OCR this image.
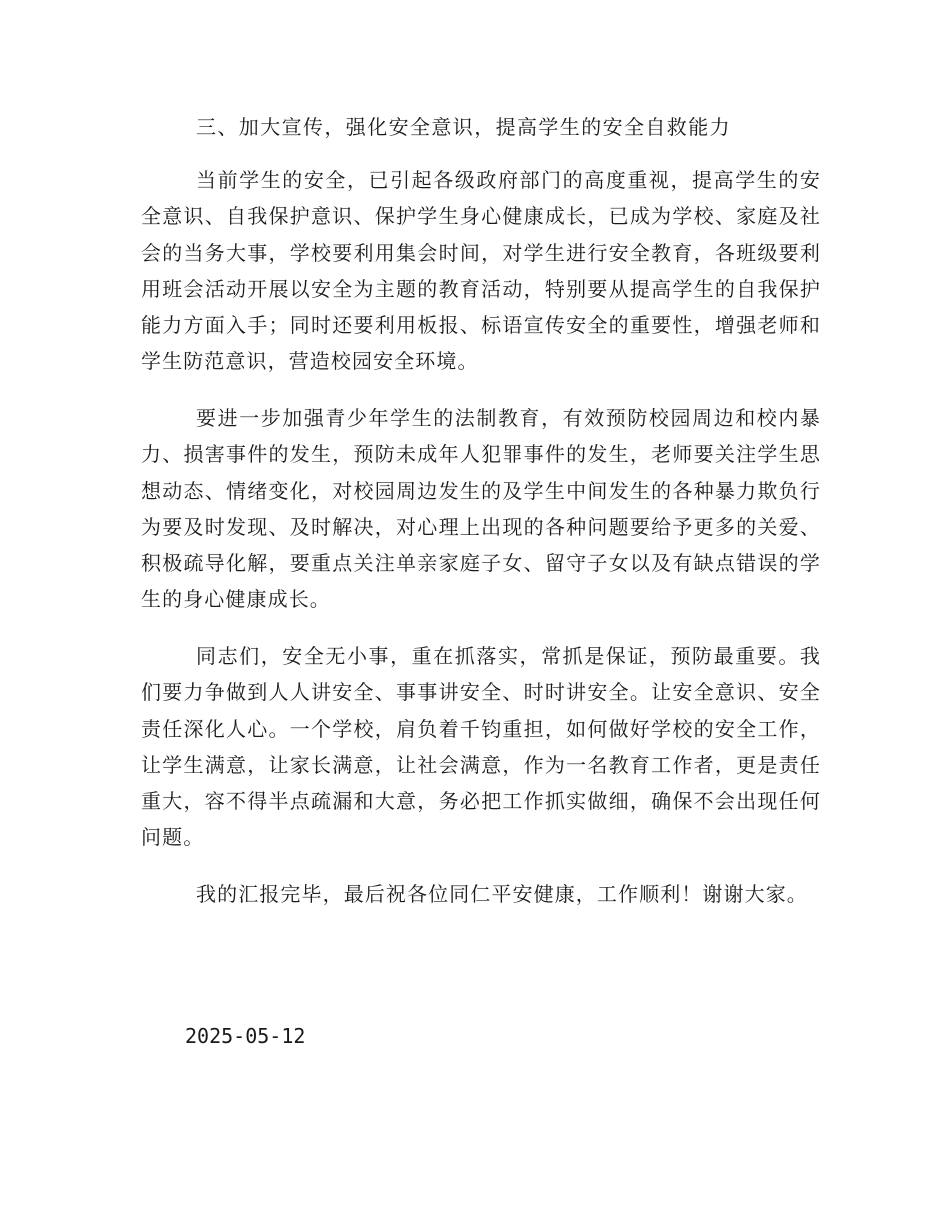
三、加大宣传，强化安全意识，提高学生的安全自救能力

当前学生的安全，已引起各级政府部门的高度重视，提高学生的安全意识、自我保护意识、保护学生身心健康成长，已成为学校、家庭及社会的当务大事，学校要利用集会时间，对学生进行安全教育，各班级要利用班会活动开展以安全为主题的教育活动，特别要从提高学生的自我保护能力方面入手；同时还要利用板报、标语宣传安全的重要性，增强老师和学生防范意识，营造校园安全环境。

要进一步加强青少年学生的法制教育，有效预防校园周边和校内暴力、损害事件的发生，预防未成年人犯罪事件的发生，老师要关注学生思想动态、情绪变化，对校园周边发生的及学生中间发生的各种暴力欺负行为要及时发现、及时解决，对心理上出现的各种问题要给予更多的关爱、积极疏导化解，要重点关注单亲家庭子女、留守子女以及有缺点错误的学生的身心健康成长。

同志们，安全无小事，重在抓落实，常抓是保证，预防最重要。我们要力争做到人人讲安全、事事讲安全、时时讲安全。让安全意识、安全责任深化人心。一个学校，肩负着千钧重担，如何做好学校的安全工作，让学生满意，让家长满意，让社会满意，作为一名教育工作者，更是责任重大，容不得半点疏漏和大意，务必把工作抓实做细，确保不会出现任何问题。

我的汇报完毕，最后祝各位同仁平安健康，工作顺利！谢谢大家。

2025-05-12
